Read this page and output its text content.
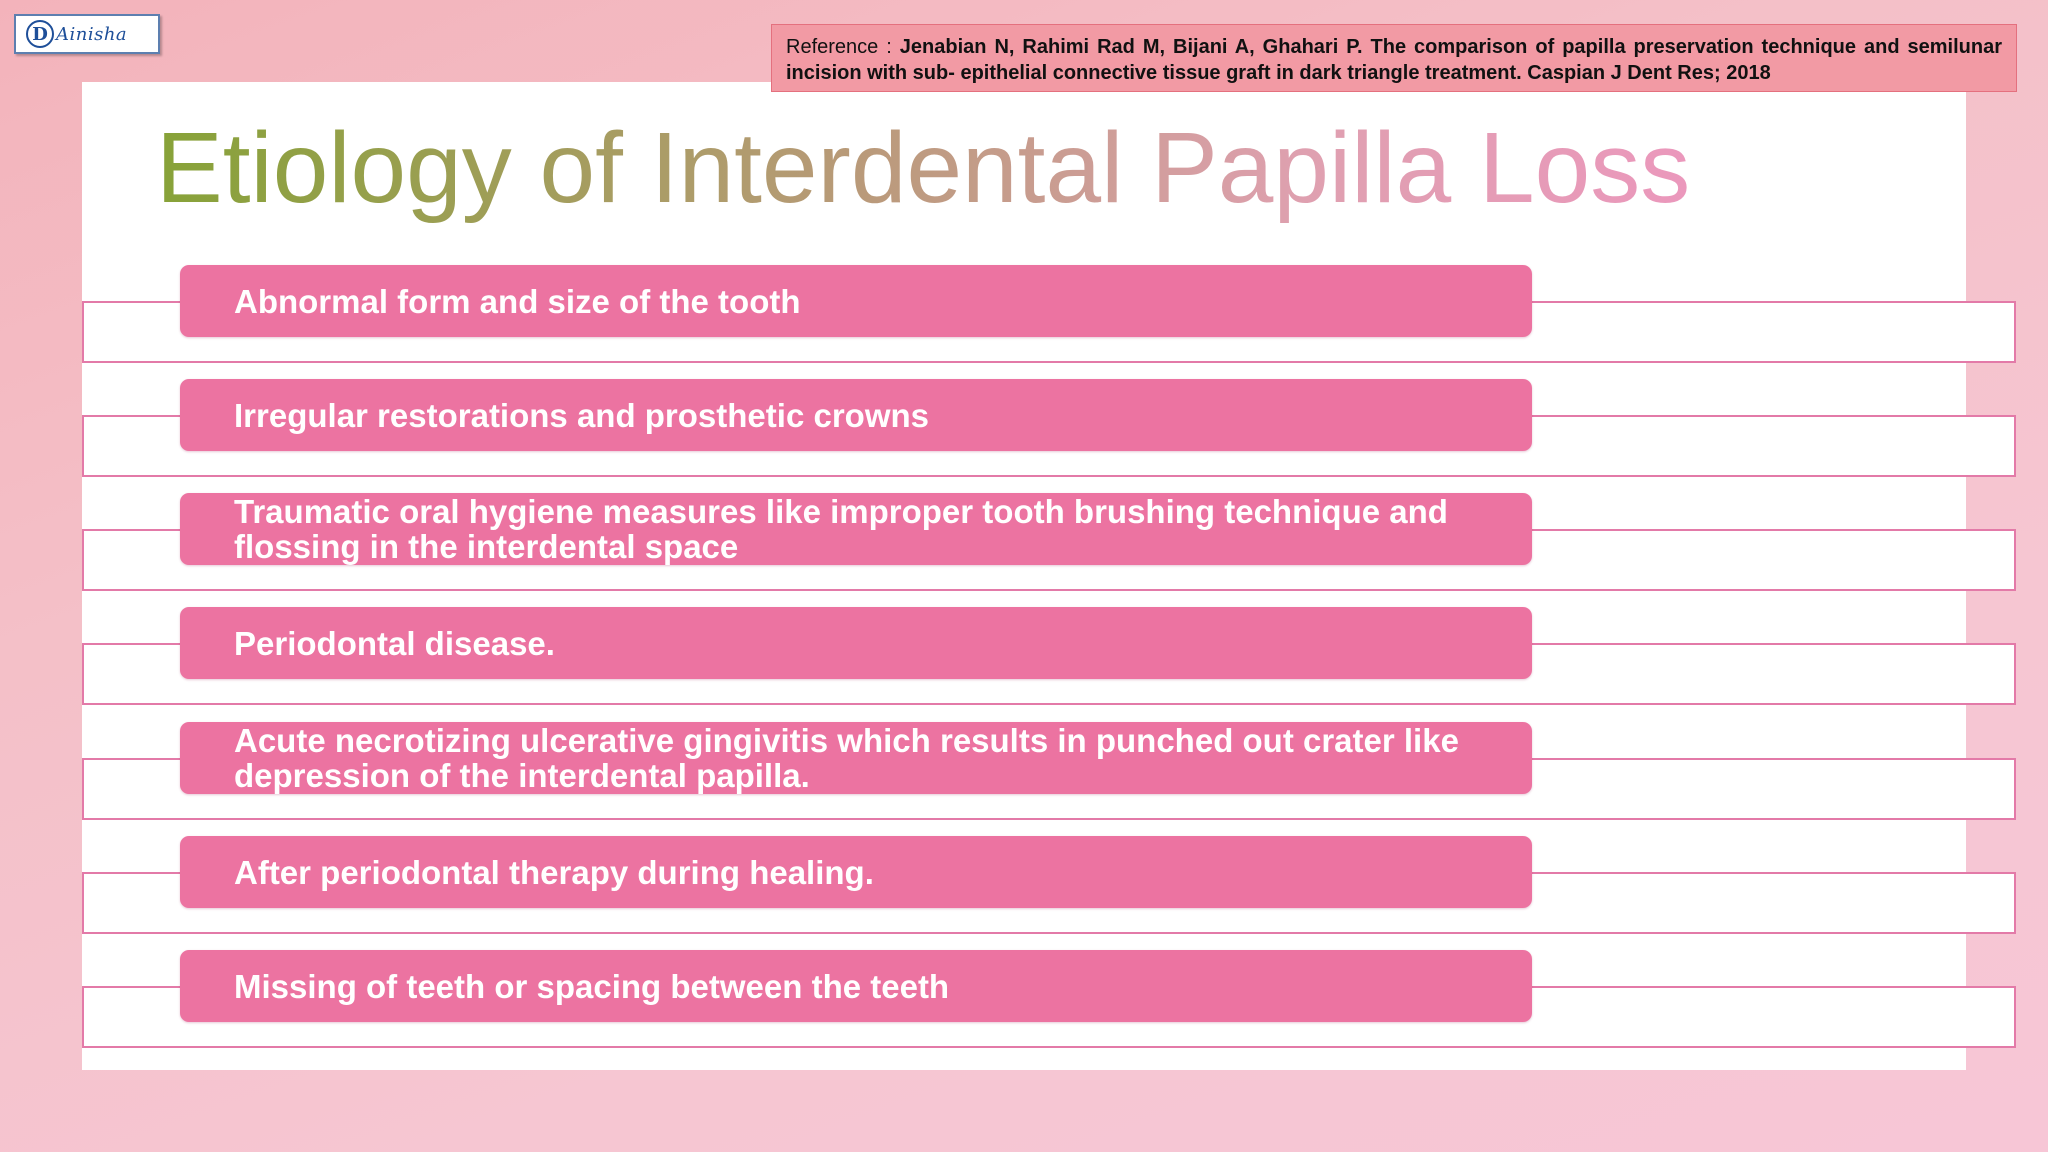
D Ainisha
Reference : Jenabian N, Rahimi Rad M, Bijani A, Ghahari P. The comparison of papilla preservation technique and semilunar incision with sub- epithelial connective tissue graft in dark triangle treatment. Caspian J Dent Res; 2018
Etiology of Interdental Papilla Loss
Abnormal form and size of the tooth
Irregular restorations and prosthetic crowns
Traumatic oral hygiene measures like improper tooth brushing technique and flossing in the interdental space
Periodontal disease.
Acute necrotizing ulcerative gingivitis which results in punched out crater like depression of the interdental papilla.
After periodontal therapy during healing.
Missing of teeth or spacing between the teeth
